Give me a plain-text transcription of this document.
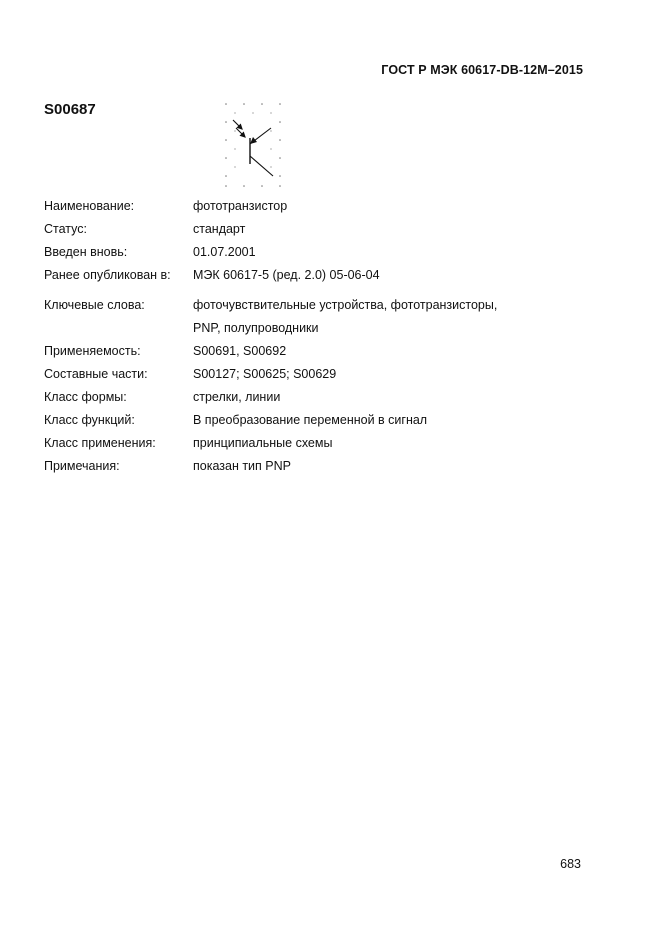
ГОСТ Р МЭК 60617-DB-12M–2015
S00687
Наименование:	фототранзистор
Статус:	стандарт
Введен вновь:	01.07.2001
Ранее опубликован в:	МЭК 60617-5 (ред. 2.0) 05-06-04
Ключевые слова:	фоточувствительные устройства, фототранзисторы,
PNP, полупроводники
Применяемость:	S00691, S00692
Составные части:	S00127; S00625; S00629
Класс формы:	стрелки, линии
Класс функций:	В преобразование переменной в сигнал
Класс применения:	принципиальные схемы
Примечания:	показан тип PNP
683
